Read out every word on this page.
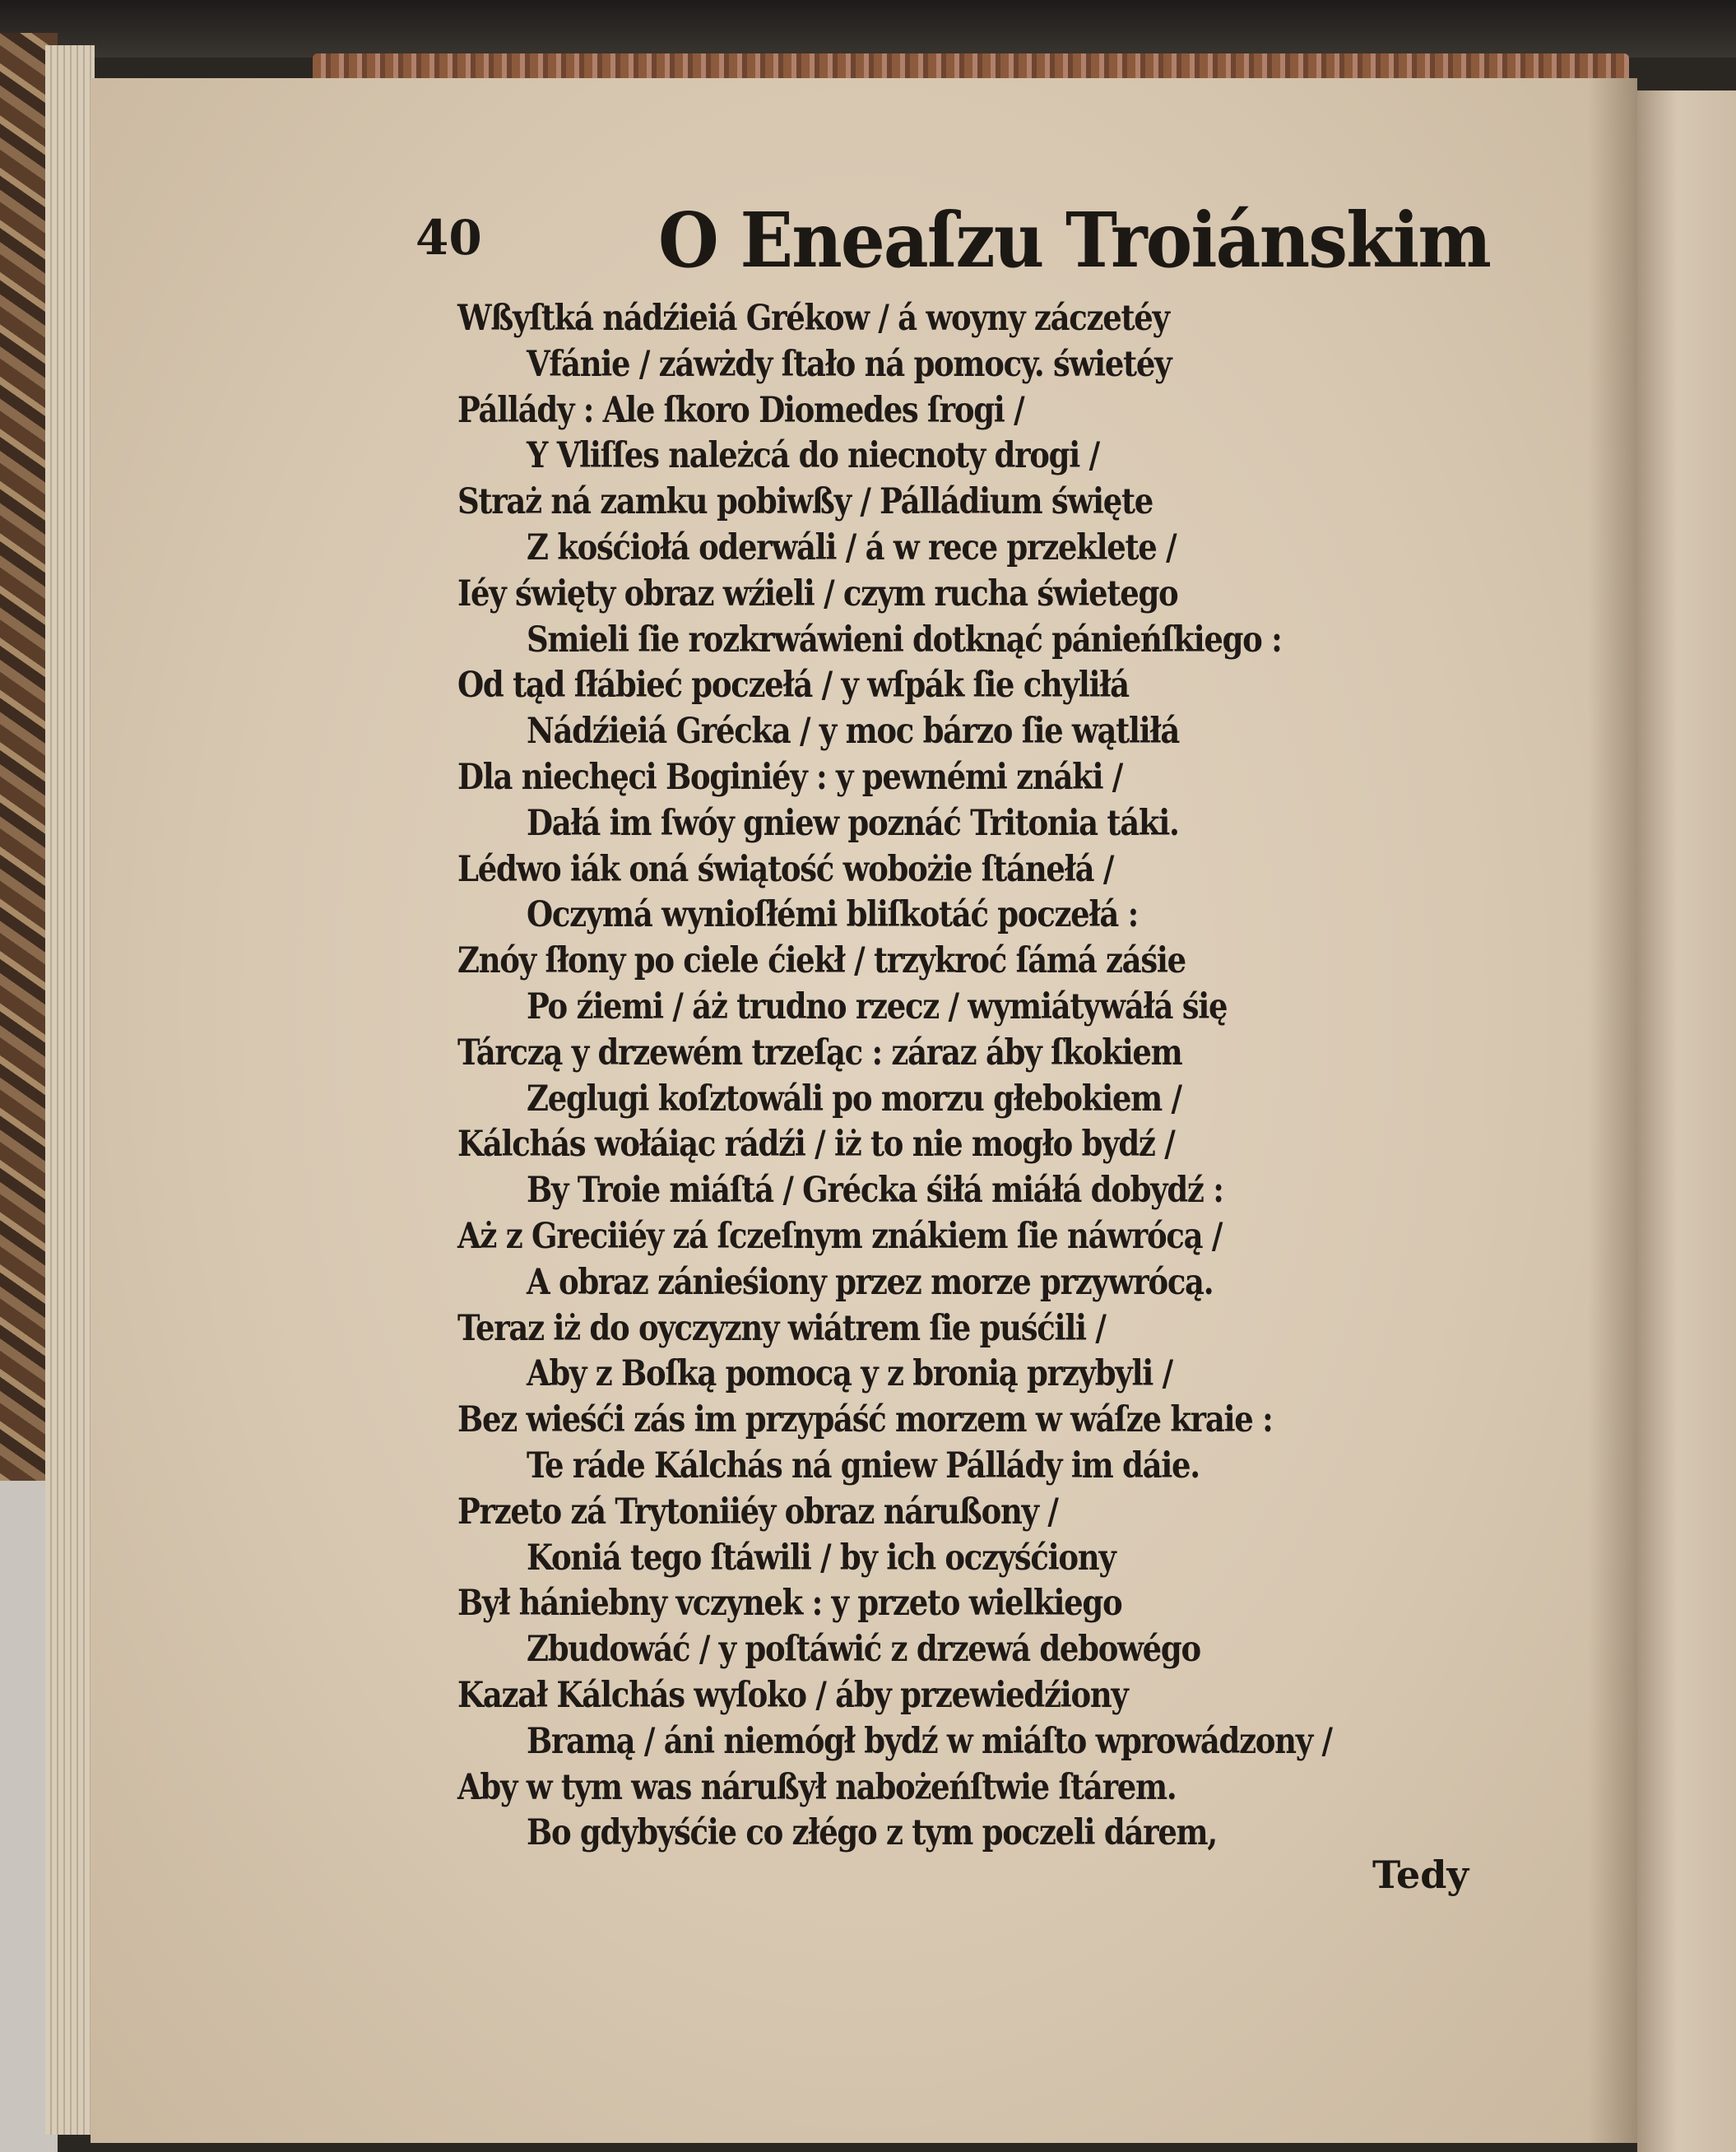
40 O Eneaſzu Troiánskim
Wßyſtká nádźieiá Grékow / á woyny záczetéy
Vfánie / záwżdy ſtało ná pomocy. świetéy
Pállády : Ale ſkoro Diomedes ſrogi /
Y Vliſſes należcá do niecnoty drogi /
Straż ná zamku pobiwßy / Pálládium święte
Z kośćiołá oderwáli / á w rece przeklete /
Iéy święty obraz wźieli / czym rucha świetego
Smieli ſie rozkrwáwieni dotknąć pánieńſkiego :
Od tąd ſłábieć poczełá / y wſpák ſie chyliłá
Nádźieiá Grécka / y moc bárzo ſie wątliłá
Dla niechęci Boginiéy : y pewnémi znáki /
Dałá im ſwóy gniew poznáć Tritonia táki.
Lédwo iák oná świątość wobożie ſtánełá /
Oczymá wynioſłémi bliſkotáć poczełá :
Znóy ſłony po ciele ćiekł / trzykroć ſámá záśie
Po źiemi / áż trudno rzecz / wymiátywáłá śię
Tárczą y drzewém trzeſąc : záraz áby ſkokiem
Zeglugi koſztowáli po morzu głebokiem /
Kálchás wołáiąc rádźi / iż to nie mogło bydź /
By Troie miáſtá / Grécka śiłá miáłá dobydź :
Aż z Greciiéy zá ſczeſnym znákiem ſie náwrócą /
A obraz zánieśiony przez morze przywrócą.
Teraz iż do oyczyzny wiátrem ſie puśćili /
Aby z Boſką pomocą y z bronią przybyli /
Bez wieśći zás im przypáść morzem w wáſze kraie :
Te ráde Kálchás ná gniew Pállády im dáie.
Przeto zá Trytoniiéy obraz nárußony /
Koniá tego ſtáwili / by ich oczyśćiony
Był hániebny vczynek : y przeto wielkiego
Zbudowáć / y poſtáwić z drzewá debowégo
Kazał Kálchás wyſoko / áby przewiedźiony
Bramą / áni niemógł bydź w miáſto wprowádzony /
Aby w tym was nárußył nabożeńſtwie ſtárem.
Bo gdybyśćie co złégo z tym poczeli dárem,
Tedy
